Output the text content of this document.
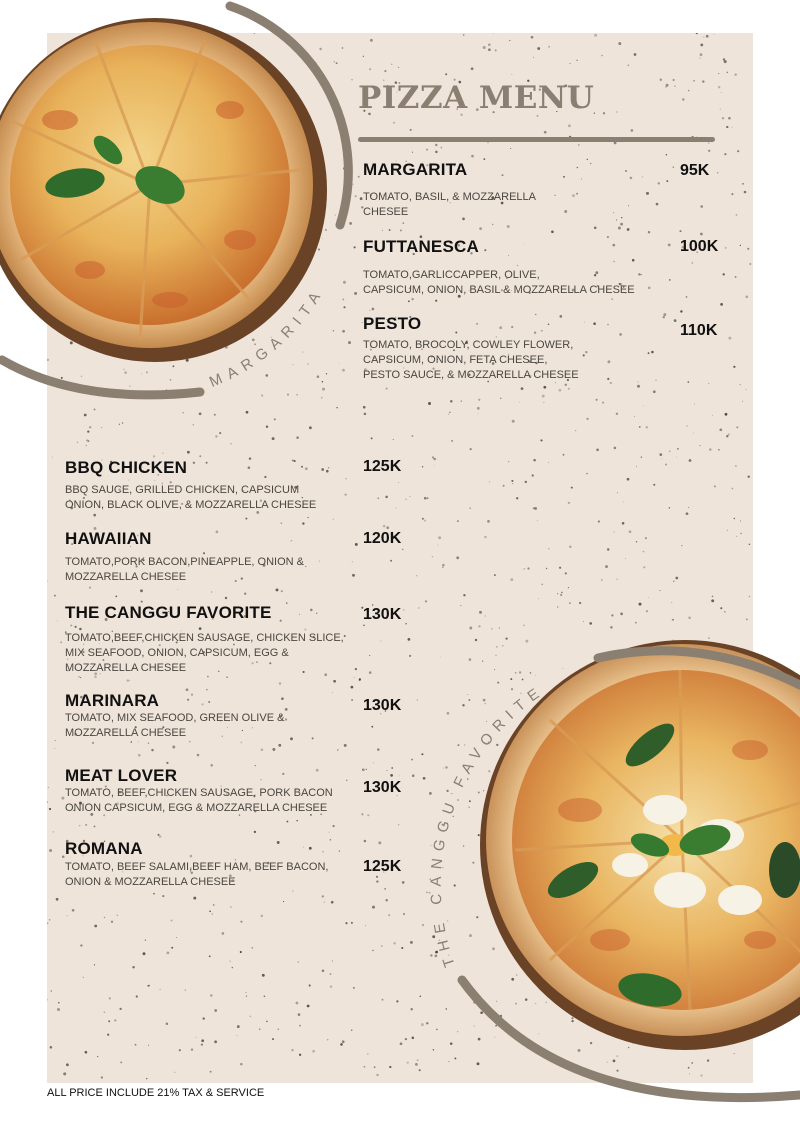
MARGARITA
THE CANGGU FAVORITE
PIZZA MENU
MARGARITA
TOMATO, BASIL, & MOZZARELLA
CHESEE
95K
FUTTANESCA
TOMATO,GARLICCAPPER, OLIVE,
CAPSICUM, ONION, BASIL & MOZZARELLA CHESEE
100K
PESTO
TOMATO, BROCOLY, COWLEY FLOWER,
CAPSICUM, ONION, FETA CHESEE,
PESTO SAUCE, & MOZZARELLA CHESEE
110K
BBQ CHICKEN
BBQ SAUCE, GRILLED CHICKEN, CAPSICUM
ONION, BLACK OLIVE, & MOZZARELLA CHESEE
125K
HAWAIIAN
TOMATO,PORK BACON,PINEAPPLE, ONION &
MOZZARELLA CHESEE
120K
THE CANGGU FAVORITE
TOMATO,BEEF,CHICKEN SAUSAGE, CHICKEN SLICE,
MIX SEAFOOD, ONION, CAPSICUM, EGG &
MOZZARELLA CHESEE
130K
MARINARA
TOMATO, MIX SEAFOOD, GREEN OLIVE &
MOZZARELLA CHESEE
130K
MEAT LOVER
TOMATO, BEEF,CHICKEN SAUSAGE, PORK BACON
ONION CAPSICUM, EGG & MOZZARELLA CHESEE
130K
ROMANA
TOMATO, BEEF SALAMI,BEEF HAM, BEEF BACON,
ONION & MOZZARELLA CHESEE
125K
ALL PRICE INCLUDE 21% TAX & SERVICE
